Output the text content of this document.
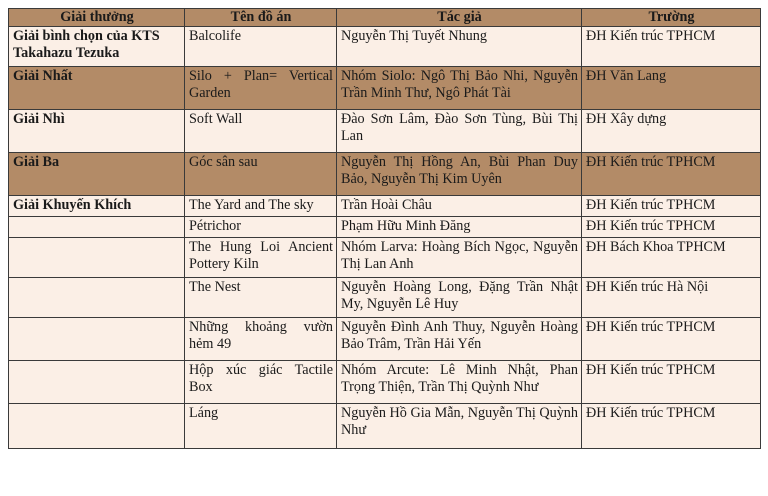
Giải thưởng	Tên đồ án	Tác giả	Trường
Giải bình chọn của KTS Takahazu Tezuka	Balcolife	Nguyễn Thị Tuyết Nhung	ĐH Kiến trúc TPHCM
Giải Nhất	Silo + Plan= Vertical Garden	Nhóm Siolo: Ngô Thị Bảo Nhi, Nguyễn Trần Minh Thư, Ngô Phát Tài	ĐH Văn Lang
Giải Nhì	Soft Wall	Đào Sơn Lâm, Đào Sơn Tùng, Bùi Thị Lan	ĐH Xây dựng
Giải Ba	Góc sân sau	Nguyễn Thị Hồng An, Bùi Phan Duy Bảo, Nguyễn Thị Kim Uyên	ĐH Kiến trúc TPHCM
Giải Khuyến Khích	The Yard and The sky	Trần Hoài Châu	ĐH Kiến trúc TPHCM
	Pétrichor	Phạm Hữu Minh Đăng	ĐH Kiến trúc TPHCM
	The Hung Loi Ancient Pottery Kiln	Nhóm Larva: Hoàng Bích Ngọc, Nguyễn Thị Lan Anh	ĐH Bách Khoa TPHCM
	The Nest	Nguyễn Hoàng Long, Đặng Trần Nhật My, Nguyễn Lê Huy	ĐH Kiến trúc Hà Nội
	Những khoảng vườn hẻm 49	Nguyễn Đình Anh Thuy, Nguyễn Hoàng Bảo Trâm, Trần Hải Yến	ĐH Kiến trúc TPHCM
	Hộp xúc giác Tactile Box	Nhóm Arcute: Lê Minh Nhật, Phan Trọng Thiện, Trần Thị Quỳnh Như	ĐH Kiến trúc TPHCM
	Láng	Nguyễn Hồ Gia Mẫn, Nguyễn Thị Quỳnh Như	ĐH Kiến trúc TPHCM
